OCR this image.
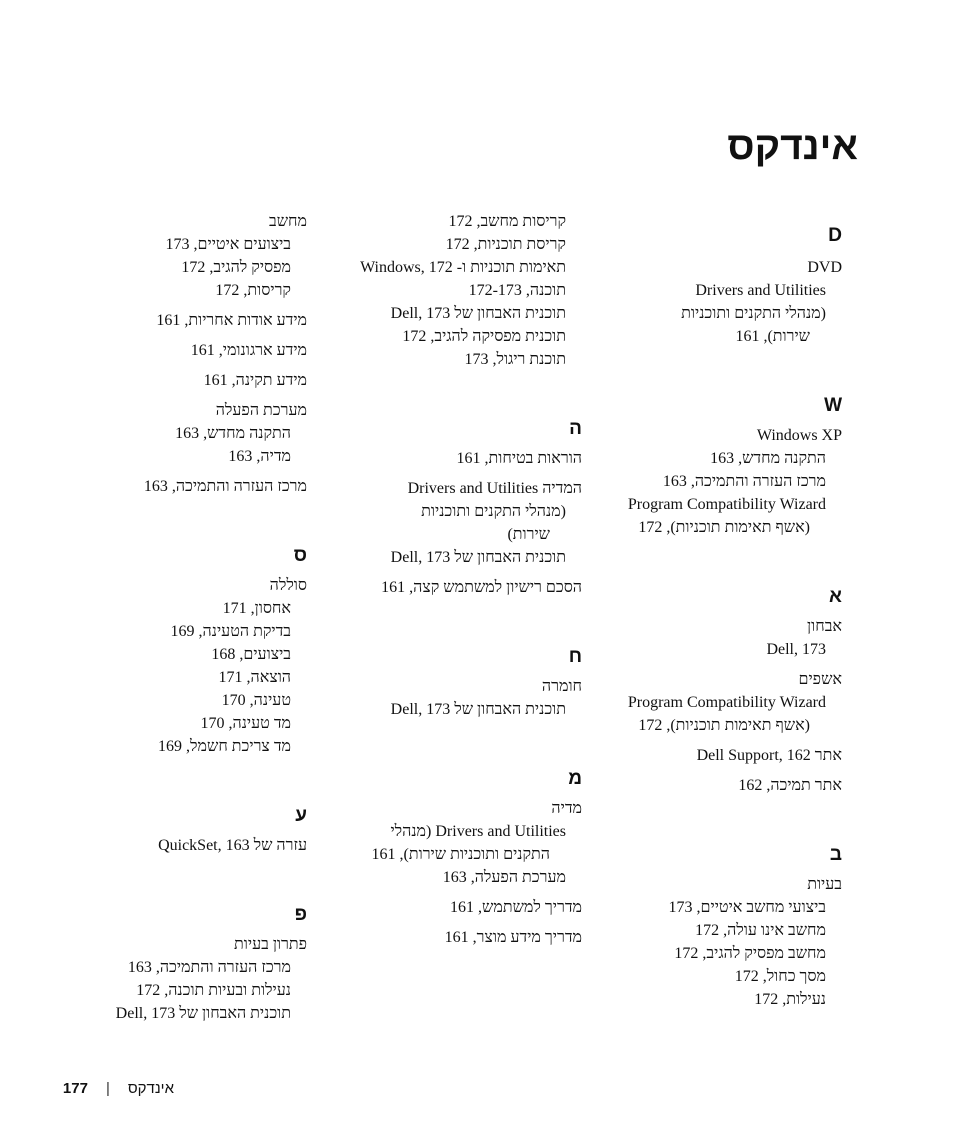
אינדקס
D
DVD
Drivers and Utilities
(מנהלי התקנים ותוכניות
שירות), 161
W
Windows XP
התקנה מחדש, 163
מרכז העזרה והתמיכה, 163
Program Compatibility Wizard
(אשף תאימות תוכניות), 172
א
אבחון
Dell, 173
אשפים
Program Compatibility Wizard
(אשף תאימות תוכניות), 172
אתר Dell Support, 162
אתר תמיכה, 162
ב
בעיות
ביצועי מחשב איטיים, 173
מחשב אינו עולה, 172
מחשב מפסיק להגיב, 172
מסך כחול, 172
נעילות, 172
קריסות מחשב, 172
קריסת תוכניות, 172
תאימות תוכניות ו- Windows, 172
תוכנה, 172-173
תוכנית האבחון של Dell, 173
תוכנית מפסיקה להגיב, 172
תוכנת ריגול, 173
ה
הוראות בטיחות, 161
המדיה Drivers and Utilities
(מנהלי התקנים ותוכניות
שירות)
תוכנית האבחון של Dell, 173
הסכם רישיון למשתמש קצה, 161
ח
חומרה
תוכנית האבחון של Dell, 173
מ
מדיה
Drivers and Utilities (מנהלי
התקנים ותוכניות שירות), 161
מערכת הפעלה, 163
מדריך למשתמש, 161
מדריך מידע מוצר, 161
מחשב
ביצועים איטיים, 173
מפסיק להגיב, 172
קריסות, 172
מידע אודות אחריות, 161
מידע ארגונומי, 161
מידע תקינה, 161
מערכת הפעלה
התקנה מחדש, 163
מדיה, 163
מרכז העזרה והתמיכה, 163
ס
סוללה
אחסון, 171
בדיקת הטעינה, 169
ביצועים, 168
הוצאה, 171
טעינה, 170
מד טעינה, 170
מד צריכת חשמל, 169
ע
עזרה של QuickSet, 163
פ
פתרון בעיות
מרכז העזרה והתמיכה, 163
נעילות ובעיות תוכנה, 172
תוכנית האבחון של Dell, 173
אינדקס
|
177
